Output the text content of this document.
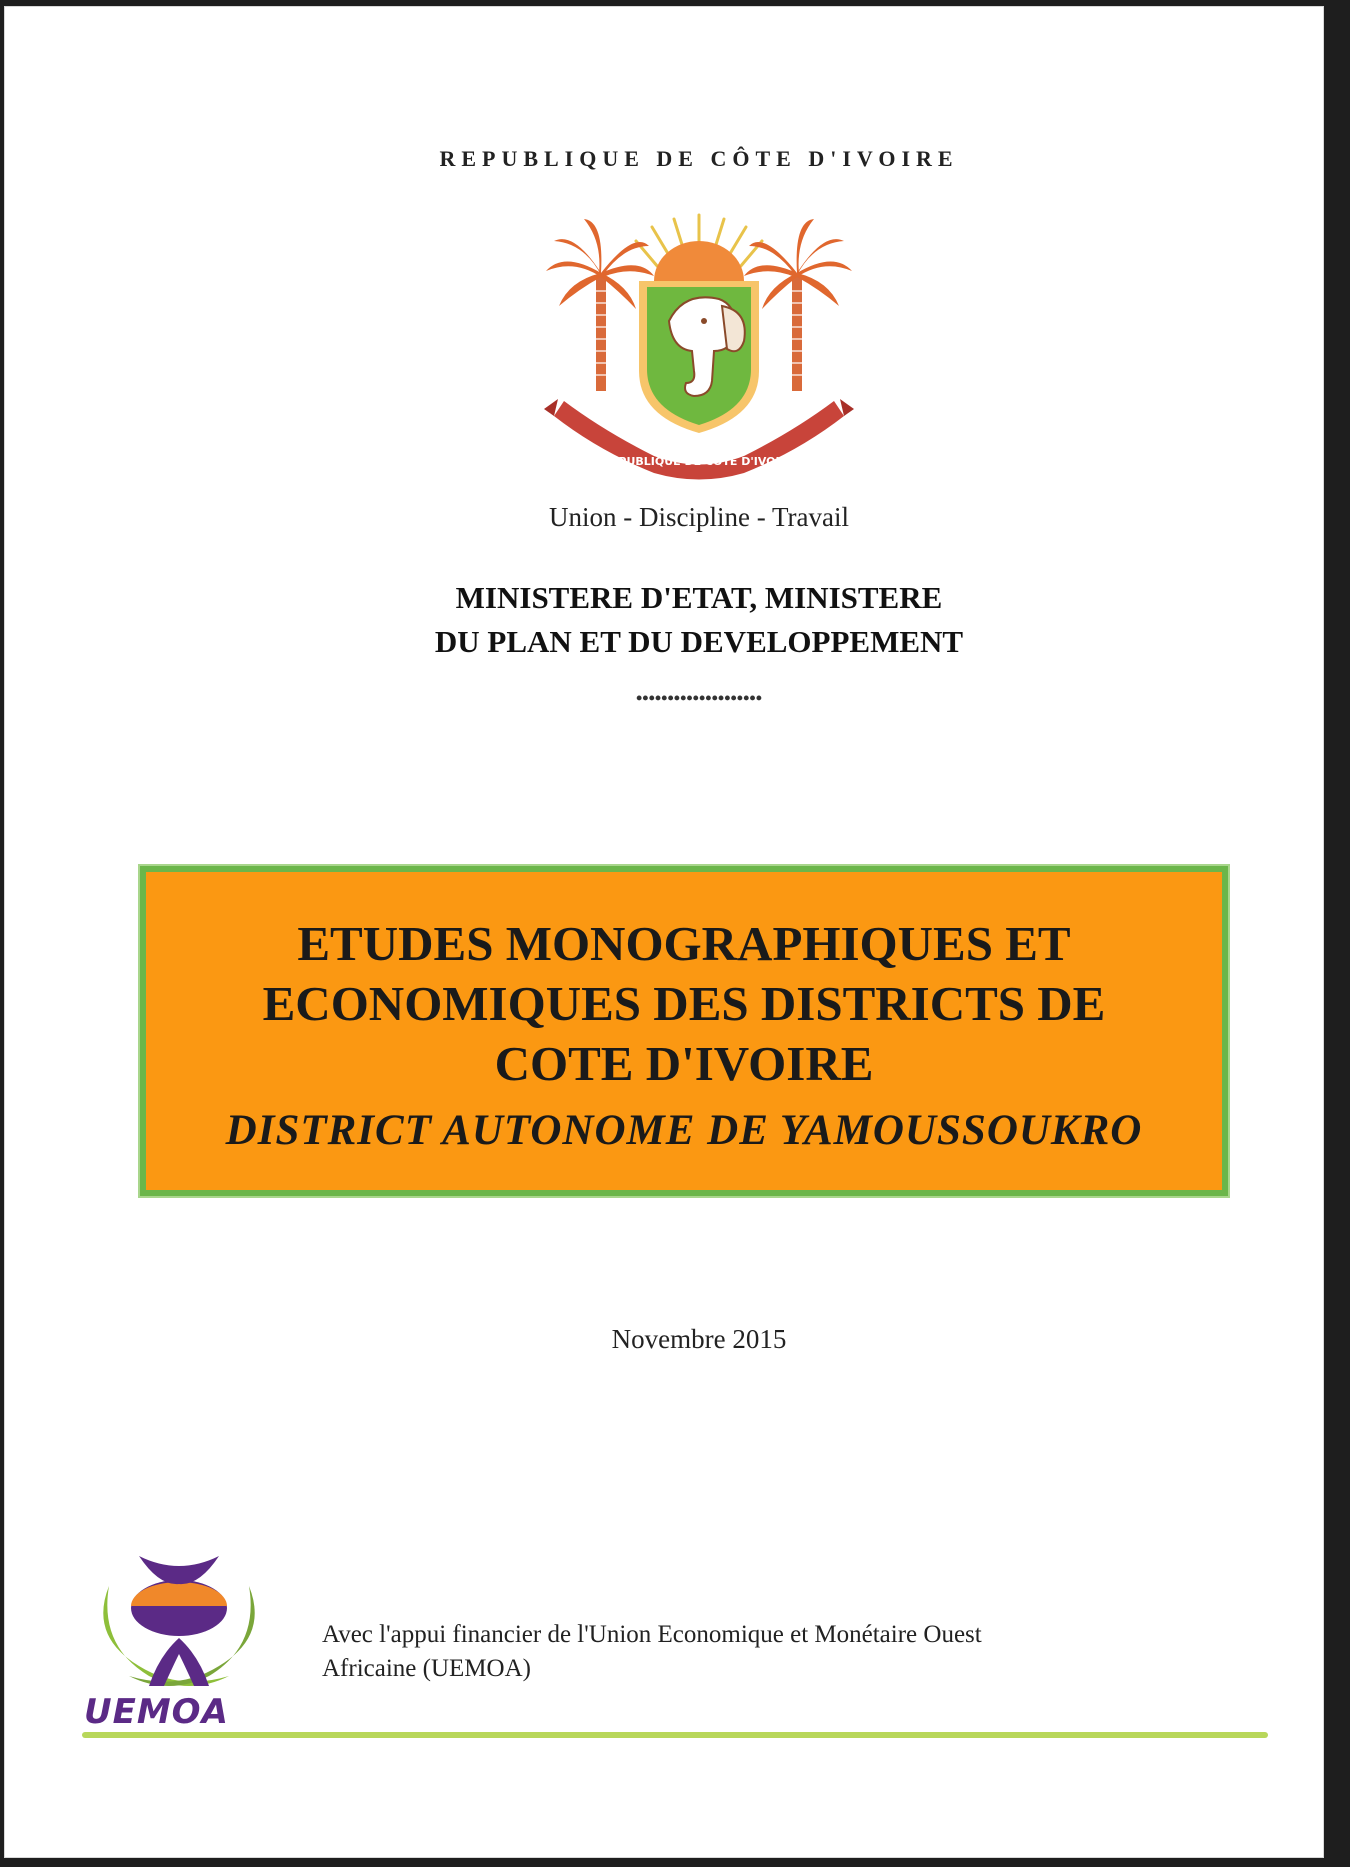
REPUBLIQUE DE CÔTE D'IVOIRE
REPUBLIQUE DE CÔTE D'IVOIRE
Union - Discipline - Travail
MINISTERE D'ETAT, MINISTERE
DU PLAN ET DU DEVELOPPEMENT
••••••••••••••••••••
ETUDES MONOGRAPHIQUES ET
ECONOMIQUES DES DISTRICTS DE
COTE D'IVOIRE
DISTRICT AUTONOME DE YAMOUSSOUKRO
Novembre 2015
UEMOA
Avec l'appui financier de l'Union Economique et Monétaire Ouest
Africaine (UEMOA)
